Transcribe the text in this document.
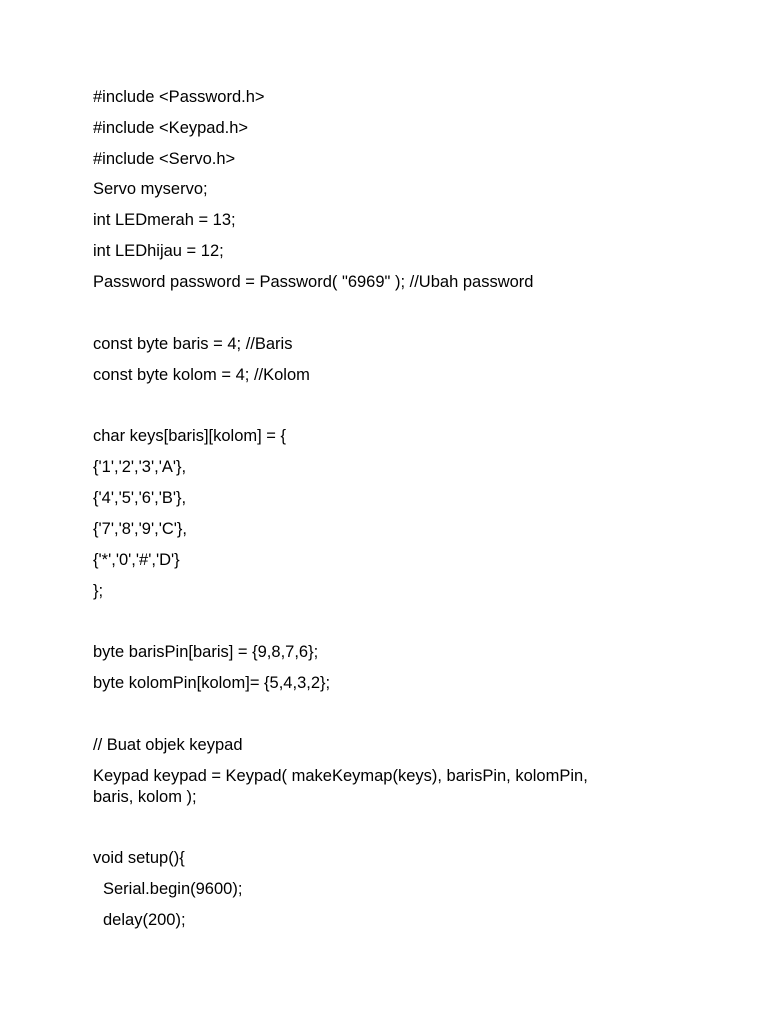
#include <Password.h>

#include <Keypad.h>

#include <Servo.h>

Servo myservo;

int LEDmerah = 13;

int LEDhijau = 12;

Password password = Password( "6969" ); //Ubah password

const byte baris = 4; //Baris

const byte kolom = 4; //Kolom

char keys[baris][kolom] = {

{'1','2','3','A'},

{'4','5','6','B'},

{'7','8','9','C'},

{'*','0','#','D'}

};

byte barisPin[baris] = {9,8,7,6};

byte kolomPin[kolom]= {5,4,3,2};

// Buat objek keypad

Keypad keypad = Keypad( makeKeymap(keys), barisPin, kolomPin,

baris, kolom );

void setup(){

Serial.begin(9600);

delay(200);
